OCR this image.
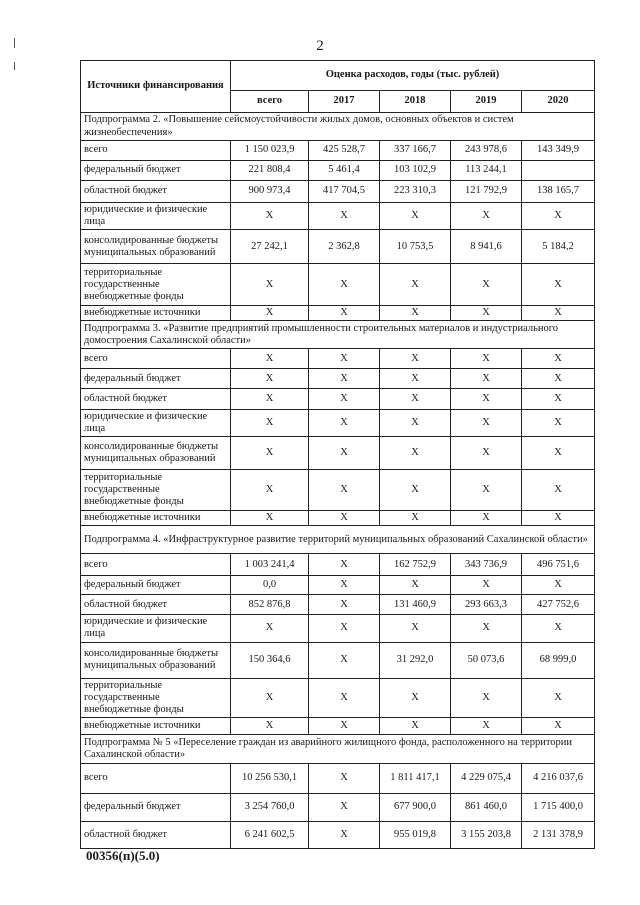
2
Источники финансирования	Оценка расходов, годы (тыс. рублей)				
	всего	2017	2018	2019	2020
Подпрограмма 2. «Повышение сейсмоустойчивости жилых домов, основных объектов и систем жизнеобеспечения»					
всего	1 150 023,9	425 528,7	337 166,7	243 978,6	143 349,9
федеральный бюджет	221 808,4	5 461,4	103 102,9	113 244,1	
областной бюджет	900 973,4	417 704,5	223 310,3	121 792,9	138 165,7
юридические и физические лица	X	X	X	X	X
консолидированные бюджеты муниципальных образований	27 242,1	2 362,8	10 753,5	8 941,6	5 184,2
территориальные государственные внебюджетные фонды	X	X	X	X	X
внебюджетные источники	X	X	X	X	X
Подпрограмма 3. «Развитие предприятий промышленности строительных материалов и индустриального домостроения Сахалинской области»					
всего	X	X	X	X	X
федеральный бюджет	X	X	X	X	X
областной бюджет	X	X	X	X	X
юридические и физические лица	X	X	X	X	X
консолидированные бюджеты муниципальных образований	X	X	X	X	X
территориальные государственные внебюджетные фонды	X	X	X	X	X
внебюджетные источники	X	X	X	X	X
Подпрограмма 4. «Инфраструктурное развитие территорий муниципальных образований Сахалинской области»					
всего	1 003 241,4	X	162 752,9	343 736,9	496 751,6
федеральный бюджет	0,0	X	X	X	X
областной бюджет	852 876,8	X	131 460,9	293 663,3	427 752,6
юридические и физические лица	X	X	X	X	X
консолидированные бюджеты муниципальных образований	150 364,6	X	31 292,0	50 073,6	68 999,0
территориальные государственные внебюджетные фонды	X	X	X	X	X
внебюджетные источники	X	X	X	X	X
Подпрограмма № 5 «Переселение граждан из аварийного жилищного фонда, расположенного на территории Сахалинской области»					
всего	10 256 530,1	X	1 811 417,1	4 229 075,4	4 216 037,6
федеральный бюджет	3 254 760,0	X	677 900,0	861 460,0	1 715 400,0
областной бюджет	6 241 602,5	X	955 019,8	3 155 203,8	2 131 378,9
00356(п)(5.0)
